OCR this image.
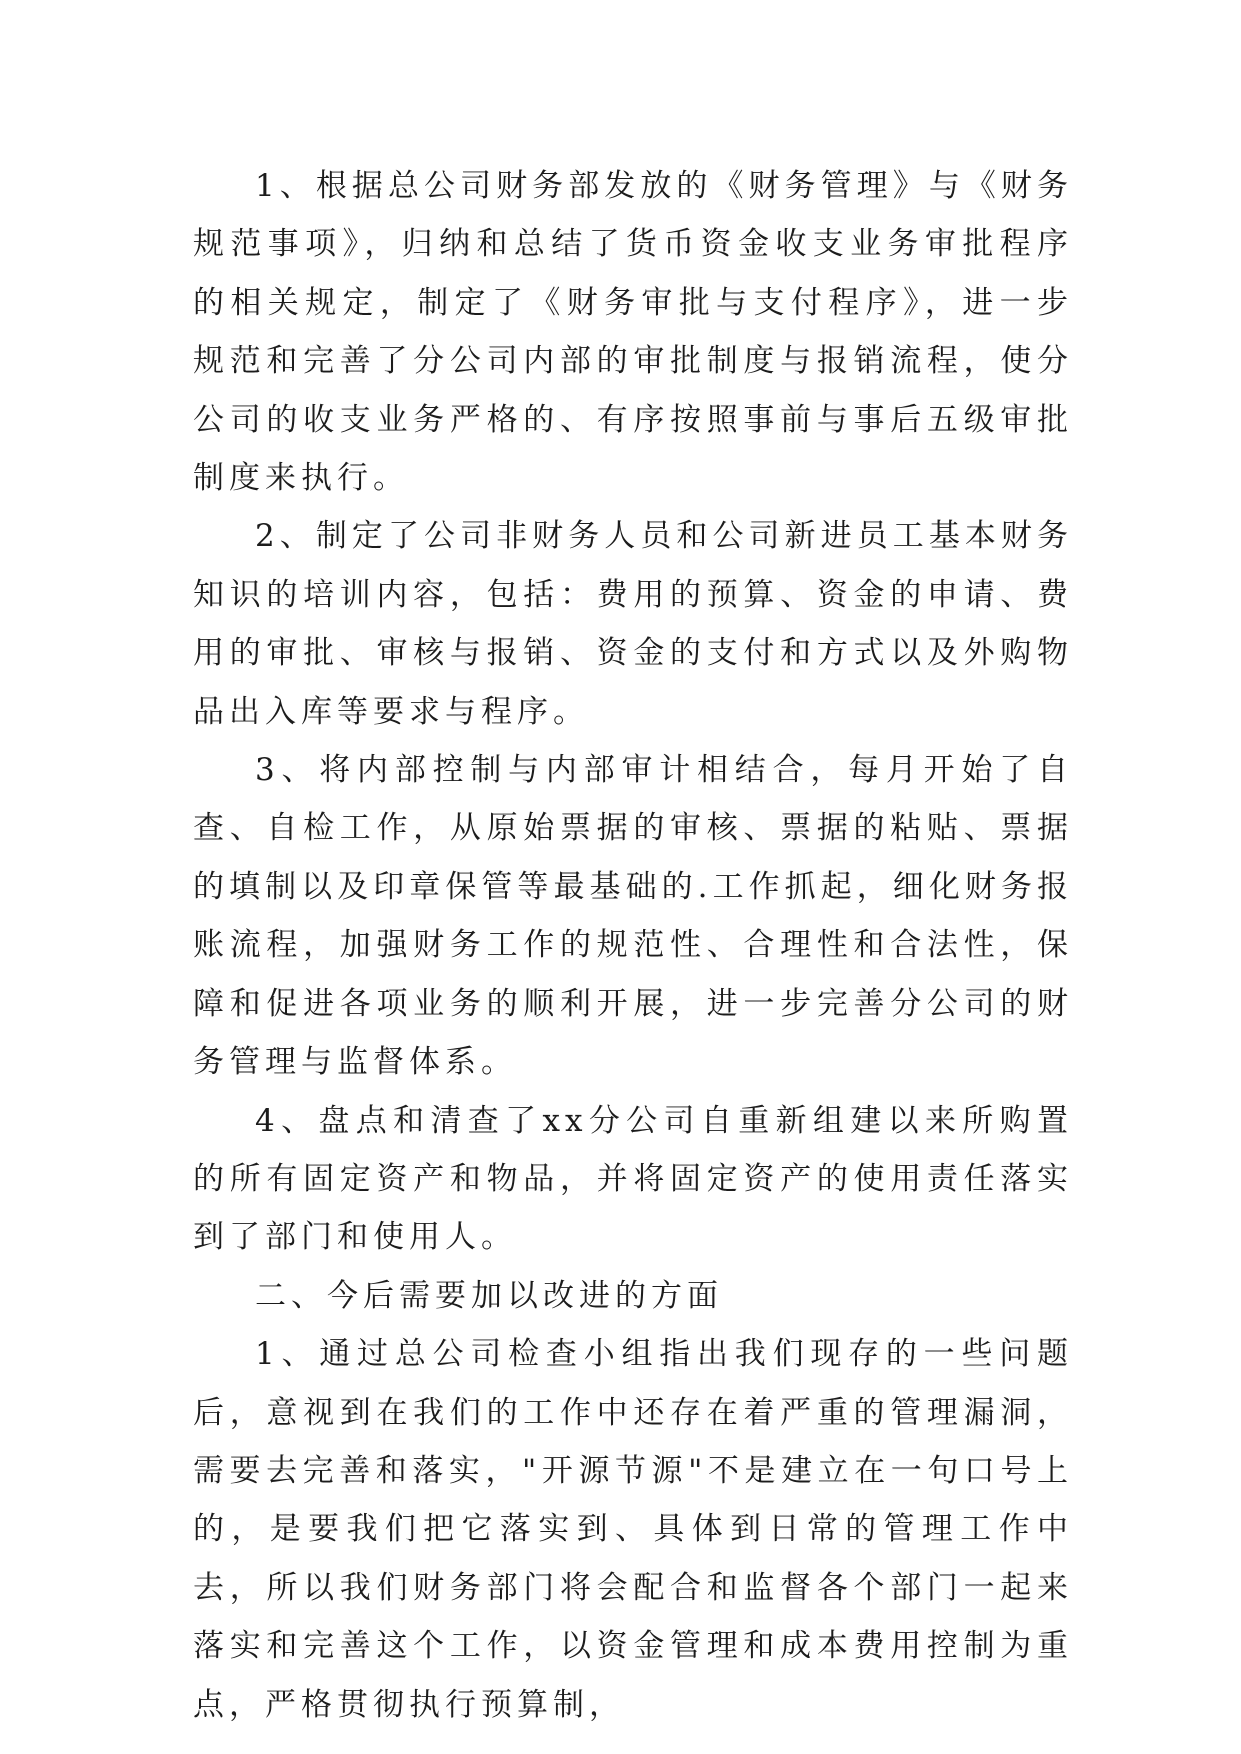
1、根据总公司财务部发放的《财务管理》与《财务规范事项》，归纳和总结了货币资金收支业务审批程序的相关规定，制定了《财务审批与支付程序》，进一步规范和完善了分公司内部的审批制度与报销流程，使分公司的收支业务严格的、有序按照事前与事后五级审批制度来执行。

2、制定了公司非财务人员和公司新进员工基本财务知识的培训内容，包括：费用的预算、资金的申请、费用的审批、审核与报销、资金的支付和方式以及外购物品出入库等要求与程序。

3、将内部控制与内部审计相结合，每月开始了自查、自检工作，从原始票据的审核、票据的粘贴、票据的填制以及印章保管等最基础的.工作抓起，细化财务报账流程，加强财务工作的规范性、合理性和合法性，保障和促进各项业务的顺利开展，进一步完善分公司的财务管理与监督体系。

4、盘点和清查了xx分公司自重新组建以来所购置的所有固定资产和物品，并将固定资产的使用责任落实到了部门和使用人。

二、今后需要加以改进的方面

1、通过总公司检查小组指出我们现存的一些问题后，意视到在我们的工作中还存在着严重的管理漏洞，需要去完善和落实，"开源节源"不是建立在一句口号上的，是要我们把它落实到、具体到日常的管理工作中去，所以我们财务部门将会配合和监督各个部门一起来落实和完善这个工作，以资金管理和成本费用控制为重点，严格贯彻执行预算制，
